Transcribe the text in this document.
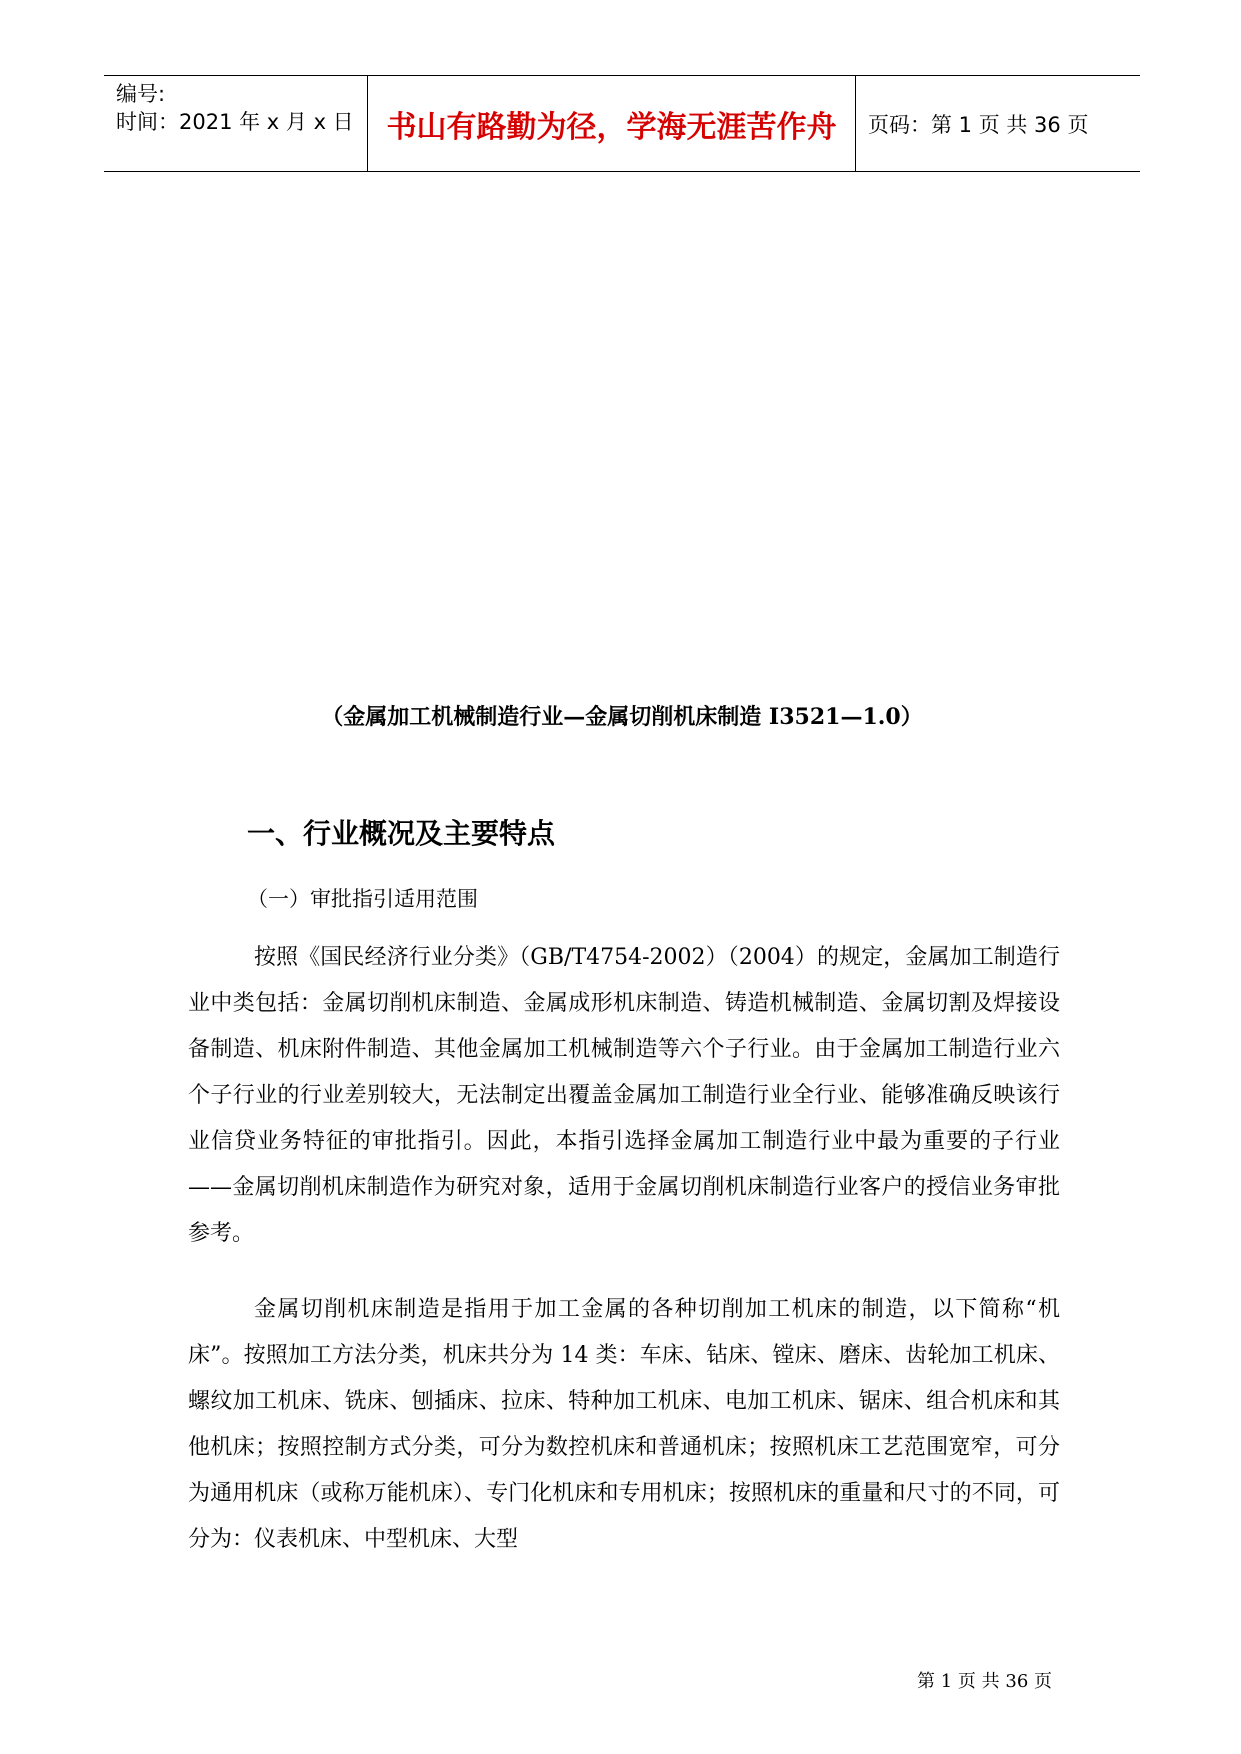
编号:
时间：2021 年 x 月 x 日 书山有路勤为径，学海无涯苦作舟 页码：第 1 页 共 36 页
（金属加工机械制造行业—金属切削机床制造 I3521—1.0）
一、行业概况及主要特点
（一）审批指引适用范围
按照《国民经济行业分类》（GB/T4754-2002）（2004）的规定，金属加工制造行业中类包括：金属切削机床制造、金属成形机床制造、铸造机械制造、金属切割及焊接设备制造、机床附件制造、其他金属加工机械制造等六个子行业。由于金属加工制造行业六个子行业的行业差别较大，无法制定出覆盖金属加工制造行业全行业、能够准确反映该行业信贷业务特征的审批指引。因此，本指引选择金属加工制造行业中最为重要的子行业——金属切削机床制造作为研究对象，适用于金属切削机床制造行业客户的授信业务审批参考。
金属切削机床制造是指用于加工金属的各种切削加工机床的制造，以下简称“机床”。按照加工方法分类，机床共分为 14 类：车床、钻床、镗床、磨床、齿轮加工机床、螺纹加工机床、铣床、刨插床、拉床、特种加工机床、电加工机床、锯床、组合机床和其他机床；按照控制方式分类，可分为数控机床和普通机床；按照机床工艺范围宽窄，可分为通用机床（或称万能机床）、专门化机床和专用机床；按照机床的重量和尺寸的不同，可分为：仪表机床、中型机床、大型
第 1 页 共 36 页
